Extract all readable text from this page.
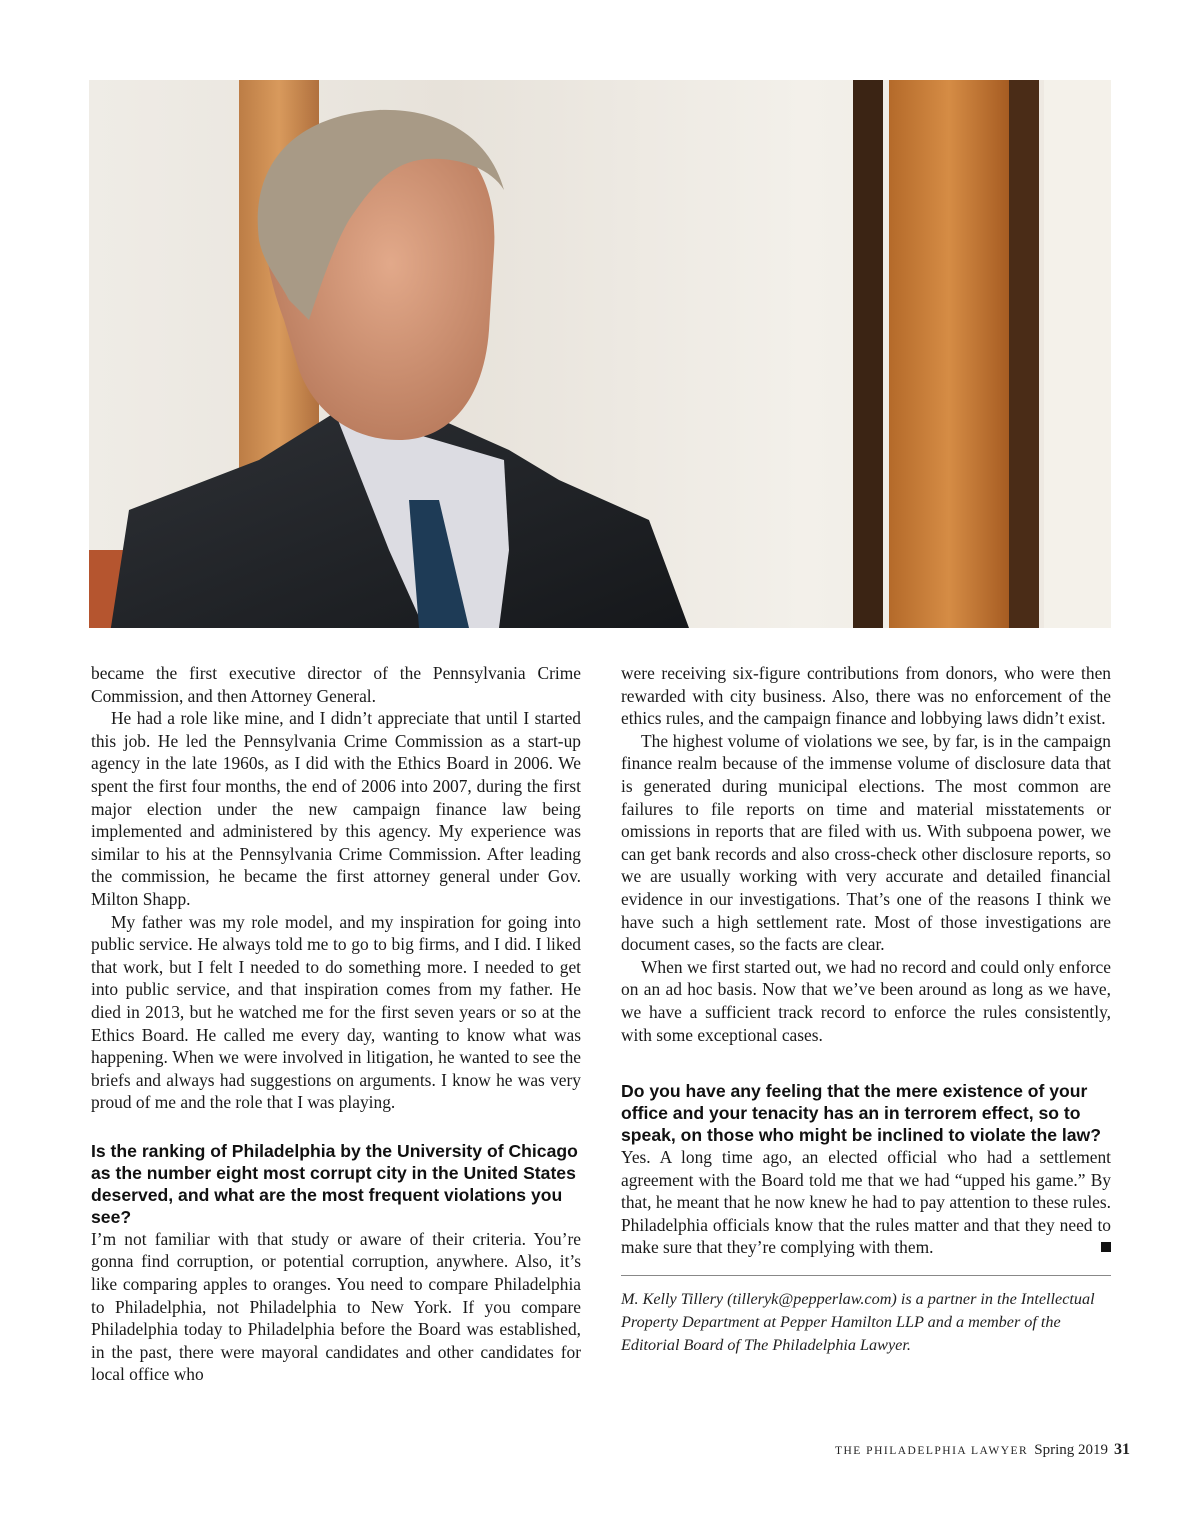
became the first executive director of the Pennsylvania Crime Commission, and then Attorney General.

He had a role like mine, and I didn’t appreciate that until I started this job. He led the Pennsylvania Crime Commission as a start-up agency in the late 1960s, as I did with the Ethics Board in 2006. We spent the first four months, the end of 2006 into 2007, during the first major election under the new campaign finance law being implemented and administered by this agency. My experience was similar to his at the Pennsylvania Crime Commission. After leading the commission, he became the first attorney general under Gov. Milton Shapp.

My father was my role model, and my inspiration for going into public service. He always told me to go to big firms, and I did. I liked that work, but I felt I needed to do something more. I needed to get into public service, and that inspiration comes from my father. He died in 2013, but he watched me for the first seven years or so at the Ethics Board. He called me every day, wanting to know what was happening. When we were involved in litigation, he wanted to see the briefs and always had suggestions on arguments. I know he was very proud of me and the role that I was playing.

Is the ranking of Philadelphia by the University of Chicago as the number eight most corrupt city in the United States deserved, and what are the most frequent violations you see?

I’m not familiar with that study or aware of their criteria. You’re gonna find corruption, or potential corruption, anywhere. Also, it’s like comparing apples to oranges. You need to compare Philadelphia to Philadelphia, not Philadelphia to New York. If you compare Philadelphia today to Philadelphia before the Board was established, in the past, there were mayoral candidates and other candidates for local office who

were receiving six-figure contributions from donors, who were then rewarded with city business. Also, there was no enforcement of the ethics rules, and the campaign finance and lobbying laws didn’t exist.

The highest volume of violations we see, by far, is in the campaign finance realm because of the immense volume of disclosure data that is generated during municipal elections. The most common are failures to file reports on time and material misstatements or omissions in reports that are filed with us. With subpoena power, we can get bank records and also cross-check other disclosure reports, so we are usually working with very accurate and detailed financial evidence in our investigations. That’s one of the reasons I think we have such a high settlement rate. Most of those investigations are document cases, so the facts are clear.

When we first started out, we had no record and could only enforce on an ad hoc basis. Now that we’ve been around as long as we have, we have a sufficient track record to enforce the rules consistently, with some exceptional cases.

Do you have any feeling that the mere existence of your office and your tenacity has an in terrorem effect, so to speak, on those who might be inclined to violate the law?

Yes. A long time ago, an elected official who had a settlement agreement with the Board told me that we had “upped his game.” By that, he meant that he now knew he had to pay attention to these rules. Philadelphia officials know that the rules matter and that they need to make sure that they’re complying with them.

M. Kelly Tillery (tilleryk@pepperlaw.com) is a partner in the Intellectual Property Department at Pepper Hamilton LLP and a member of the Editorial Board of The Philadelphia Lawyer.

THE PHILADELPHIA LAWYER Spring 2019 31
